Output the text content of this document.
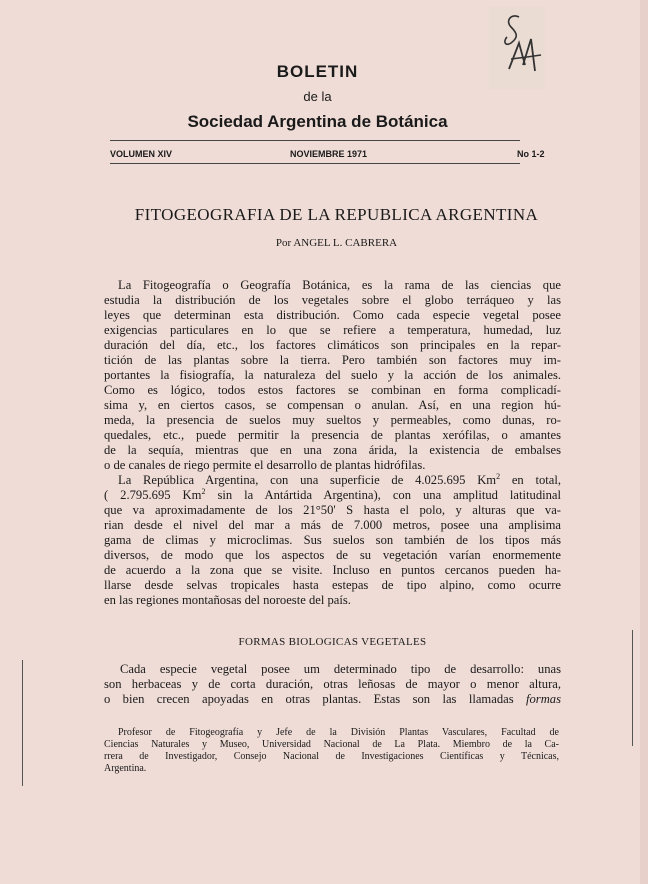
BOLETIN
de la
Sociedad Argentina de Botánica
VOLUMEN XIV	NOVIEMBRE 1971	No 1-2
FITOGEOGRAFIA DE LA REPUBLICA ARGENTINA
Por ANGEL L. CABRERA
La Fitogeografía o Geografía Botánica, es la rama de las ciencias que
estudia la distribución de los vegetales sobre el globo terráqueo y las
leyes que determinan esta distribución. Como cada especie vegetal posee
exigencias particulares en lo que se refiere a temperatura, humedad, luz
duración del día, etc., los factores climáticos son principales en la repar-
tición de las plantas sobre la tierra. Pero también son factores muy im-
portantes la fisiografía, la naturaleza del suelo y la acción de los animales.
Como es lógico, todos estos factores se combinan en forma complicadí-
sima y, en ciertos casos, se compensan o anulan. Así, en una region hú-
meda, la presencia de suelos muy sueltos y permeables, como dunas, ro-
quedales, etc., puede permitir la presencia de plantas xerófilas, o amantes
de la sequía, mientras que en una zona árida, la existencia de embalses
o de canales de riego permite el desarrollo de plantas hidrófilas.
La República Argentina, con una superficie de 4.025.695 Km$^2$ en total,
( 2.795.695 Km$^2$ sin la Antártida Argentina), con una amplitud latitudinal
que va aproximadamente de los 21°50' S hasta el polo, y alturas que va-
rian desde el nivel del mar a más de 7.000 metros, posee una amplisima
gama de climas y microclimas. Sus suelos son también de los tipos más
diversos, de modo que los aspectos de su vegetación varían enormemente
de acuerdo a la zona que se visite. Incluso en puntos cercanos pueden ha-
llarse desde selvas tropicales hasta estepas de tipo alpino, como ocurre
en las regiones montañosas del noroeste del país.
FORMAS BIOLOGICAS VEGETALES
Cada especie vegetal posee um determinado tipo de desarrollo: unas
son herbaceas y de corta duración, otras leñosas de mayor o menor altura,
o bien crecen apoyadas en otras plantas. Estas son las llamadas formas
Profesor de Fitogeografía y Jefe de la División Plantas Vasculares, Facultad de
Ciencias Naturales y Museo, Universidad Nacional de La Plata. Miembro de la Ca-
rrera de Investigador, Consejo Nacional de Investigaciones Científicas y Técnicas,
Argentina.
